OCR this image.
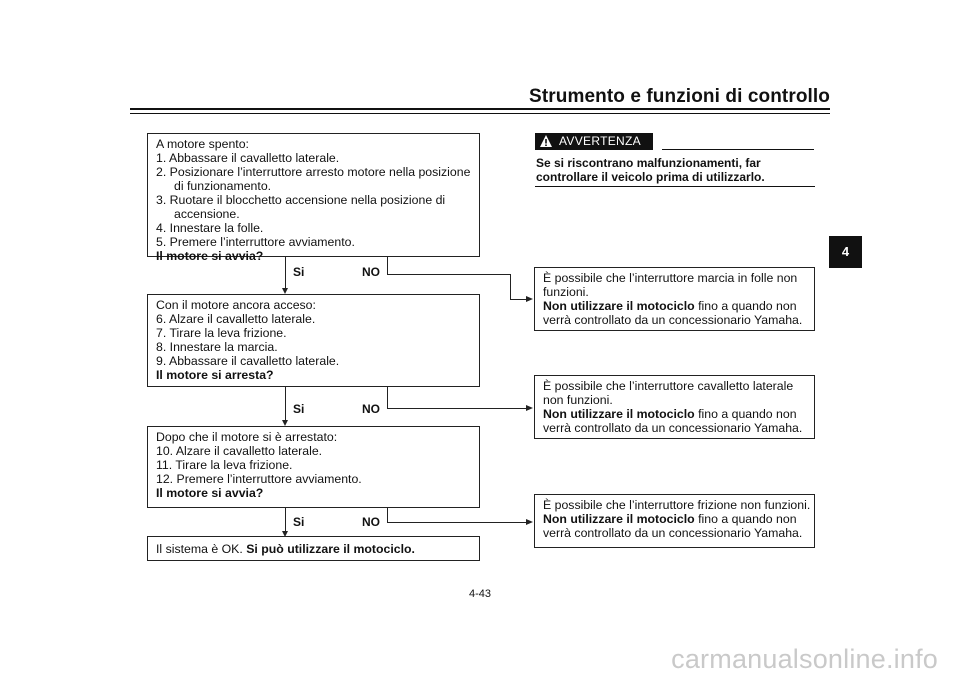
Strumento e funzioni di controllo
4
A motore spento:
1. Abbassare il cavalletto laterale.
2. Posizionare l’interruttore arresto motore nella posizione
di funzionamento.
3. Ruotare il blocchetto accensione nella posizione di
accensione.
4. Innestare la folle.
5. Premere l’interruttore avviamento.
Il motore si avvia?
Si	NO
Con il motore ancora acceso:
6. Alzare il cavalletto laterale.
7. Tirare la leva frizione.
8. Innestare la marcia.
9. Abbassare il cavalletto laterale.
Il motore si arresta?
Si	NO
Dopo che il motore si è arrestato:
10. Alzare il cavalletto laterale.
11. Tirare la leva frizione.
12. Premere l’interruttore avviamento.
Il motore si avvia?
Si	NO
Il sistema è OK. Si può utilizzare il motociclo.
AVVERTENZA
Se si riscontrano malfunzionamenti, far
controllare il veicolo prima di utilizzarlo.
È possibile che l’interruttore marcia in folle non
funzioni.
Non utilizzare il motociclo fino a quando non
verrà controllato da un concessionario Yamaha.
È possibile che l’interruttore cavalletto laterale
non funzioni.
Non utilizzare il motociclo fino a quando non
verrà controllato da un concessionario Yamaha.
È possibile che l’interruttore frizione non funzioni.
Non utilizzare il motociclo fino a quando non
verrà controllato da un concessionario Yamaha.
4-43
carmanualsonline.info
